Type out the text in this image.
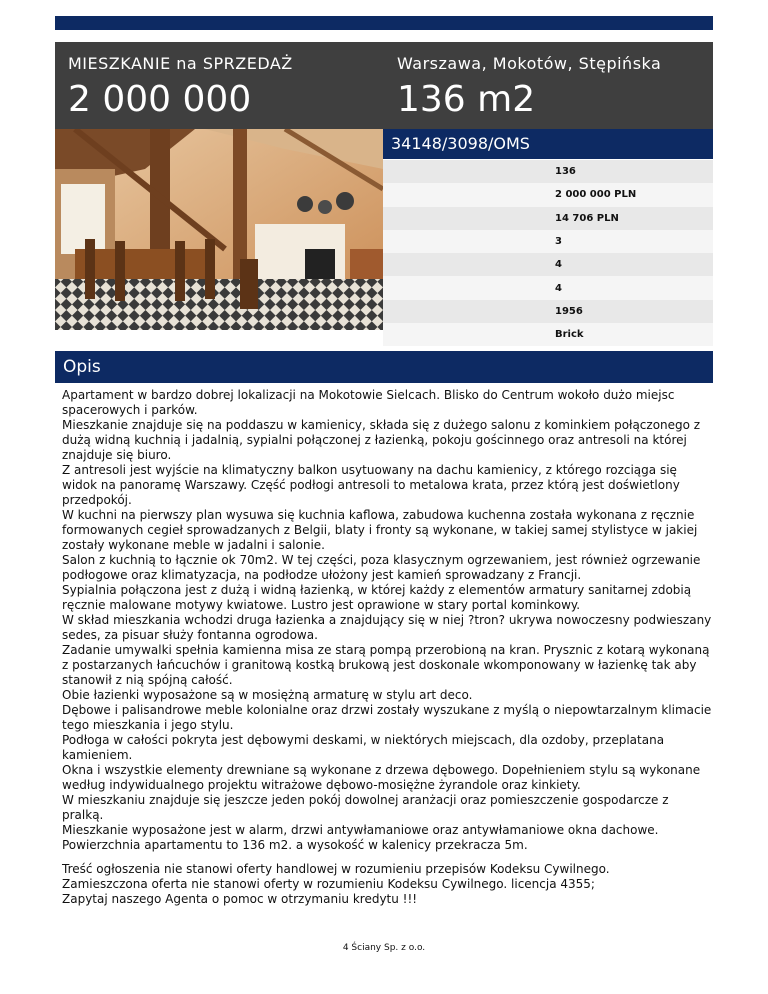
MIESZKANIE na SPRZEDAŻ
2 000 000
Warszawa, Mokotów, Stępińska
136 m2
34148/3098/OMS
136
2 000 000 PLN
14 706 PLN
3
4
4
1956
Brick
Opis

Apartament w bardzo dobrej lokalizacji na Mokotowie Sielcach. Blisko do Centrum wokoło dużo miejsc spacerowych i parków.

Mieszkanie znajduje się na poddaszu w kamienicy, składa się z dużego salonu z kominkiem połączonego z dużą widną kuchnią i jadalnią, sypialni połączonej z łazienką, pokoju gościnnego oraz antresoli na której znajduje się biuro.

Z antresoli jest wyjście na klimatyczny balkon usytuowany na dachu kamienicy, z którego rozciąga się widok na panoramę Warszawy. Część podłogi antresoli to metalowa krata, przez którą jest doświetlony przedpokój.

W kuchni na pierwszy plan wysuwa się kuchnia kaflowa, zabudowa kuchenna została wykonana z ręcznie formowanych cegieł sprowadzanych z Belgii, blaty i fronty są wykonane, w takiej samej stylistyce w jakiej zostały wykonane meble w jadalni i salonie.

Salon z kuchnią to łącznie ok 70m2. W tej części, poza klasycznym ogrzewaniem, jest również ogrzewanie podłogowe oraz klimatyzacja, na podłodze ułożony jest kamień sprowadzany z Francji.

Sypialnia połączona jest z dużą i widną łazienką, w której każdy z elementów armatury sanitarnej zdobią ręcznie malowane motywy kwiatowe. Lustro jest oprawione w stary portal kominkowy.

W skład mieszkania wchodzi druga łazienka a znajdujący się w niej ?tron? ukrywa nowoczesny podwieszany sedes, za pisuar służy fontanna ogrodowa.

Zadanie umywalki spełnia kamienna misa ze starą pompą przerobioną na kran. Prysznic z kotarą wykonaną z postarzanych łańcuchów i granitową kostką brukową jest doskonale wkomponowany w łazienkę tak aby stanowił z nią spójną całość.

Obie łazienki wyposażone są w mosiężną armaturę w stylu art deco.

Dębowe i palisandrowe meble kolonialne oraz drzwi zostały wyszukane z myślą o niepowtarzalnym klimacie tego mieszkania i jego stylu.

Podłoga w całości pokryta jest dębowymi deskami, w niektórych miejscach, dla ozdoby, przeplatana kamieniem.

Okna i wszystkie elementy drewniane są wykonane z drzewa dębowego. Dopełnieniem stylu są wykonane według indywidualnego projektu witrażowe dębowo-mosiężne żyrandole oraz kinkiety.

W mieszkaniu znajduje się jeszcze jeden pokój dowolnej aranżacji oraz pomieszczenie gospodarcze z pralką.

Mieszkanie wyposażone jest w alarm, drzwi antywłamaniowe oraz antywłamaniowe okna dachowe.

Powierzchnia apartamentu to 136 m2. a wysokość w kalenicy przekracza 5m.

Treść ogłoszenia nie stanowi oferty handlowej w rozumieniu przepisów Kodeksu Cywilnego.

Zamieszczona oferta nie stanowi oferty w rozumieniu Kodeksu Cywilnego. licencja 4355;

Zapytaj naszego Agenta o pomoc w otrzymaniu kredytu !!!

4 Ściany Sp. z o.o.
